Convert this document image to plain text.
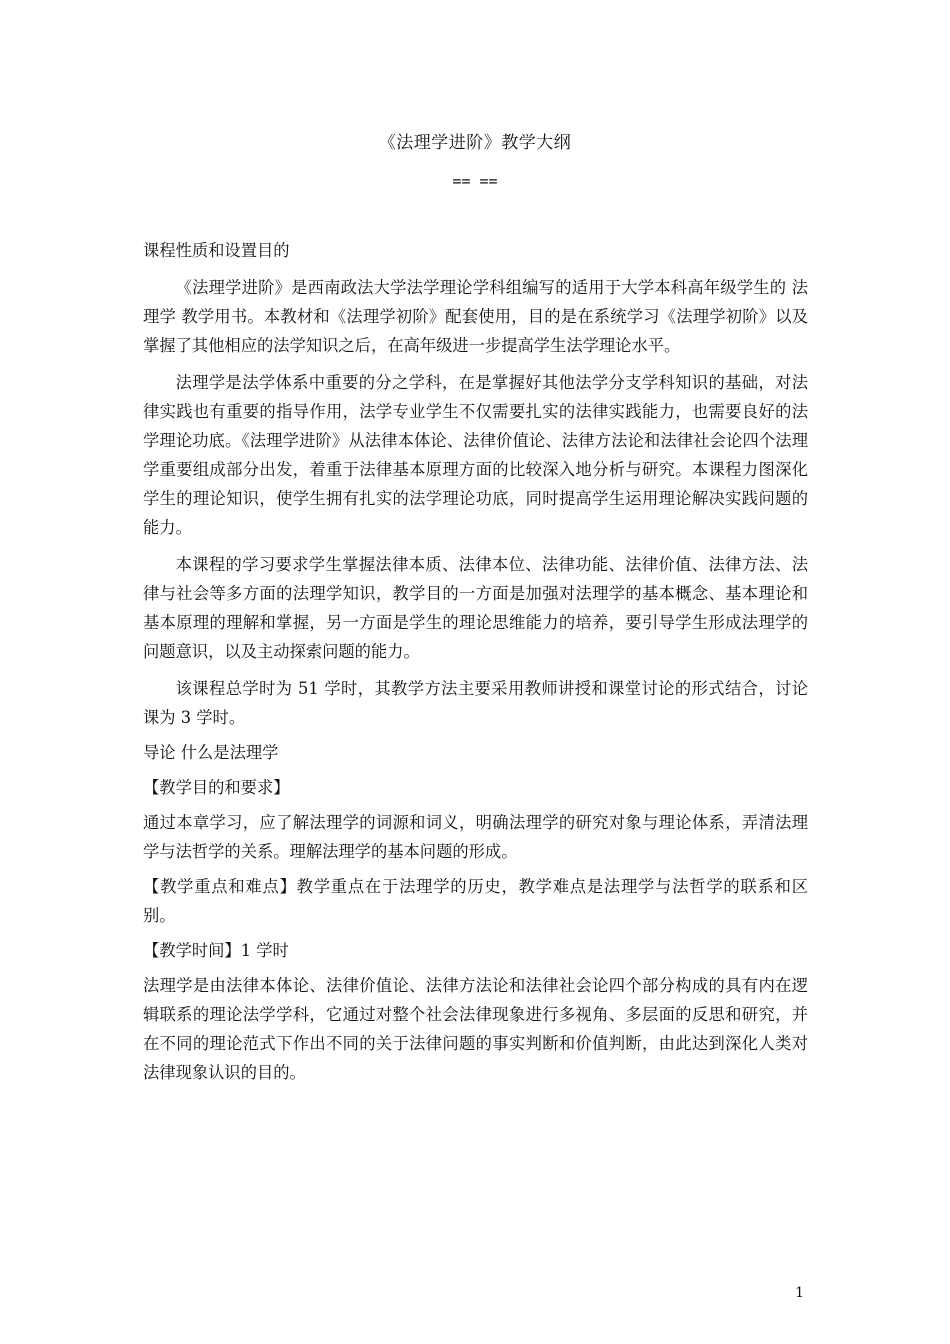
《法理学进阶》教学大纲
== ==

课程性质和设置目的

《法理学进阶》是西南政法大学法学理论学科组编写的适用于大学本科高年级学生的 法理学 教学用书。本教材和《法理学初阶》配套使用，目的是在系统学习《法理学初阶》以及掌握了其他相应的法学知识之后，在高年级进一步提高学生法学理论水平。

法理学是法学体系中重要的分之学科，在是掌握好其他法学分支学科知识的基础，对法律实践也有重要的指导作用，法学专业学生不仅需要扎实的法律实践能力，也需要良好的法学理论功底。《法理学进阶》从法律本体论、法律价值论、法律方法论和法律社会论四个法理学重要组成部分出发，着重于法律基本原理方面的比较深入地分析与研究。本课程力图深化学生的理论知识，使学生拥有扎实的法学理论功底，同时提高学生运用理论解决实践问题的能力。

本课程的学习要求学生掌握法律本质、法律本位、法律功能、法律价值、法律方法、法律与社会等多方面的法理学知识，教学目的一方面是加强对法理学的基本概念、基本理论和基本原理的理解和掌握，另一方面是学生的理论思维能力的培养，要引导学生形成法理学的问题意识，以及主动探索问题的能力。

该课程总学时为 51 学时，其教学方法主要采用教师讲授和课堂讨论的形式结合，讨论课为 3 学时。

导论 什么是法理学

【教学目的和要求】

通过本章学习，应了解法理学的词源和词义，明确法理学的研究对象与理论体系，弄清法理学与法哲学的关系。理解法理学的基本问题的形成。

【教学重点和难点】教学重点在于法理学的历史，教学难点是法理学与法哲学的联系和区别。

【教学时间】1 学时

法理学是由法律本体论、法律价值论、法律方法论和法律社会论四个部分构成的具有内在逻辑联系的理论法学学科，它通过对整个社会法律现象进行多视角、多层面的反思和研究，并在不同的理论范式下作出不同的关于法律问题的事实判断和价值判断，由此达到深化人类对法律现象认识的目的。

1
